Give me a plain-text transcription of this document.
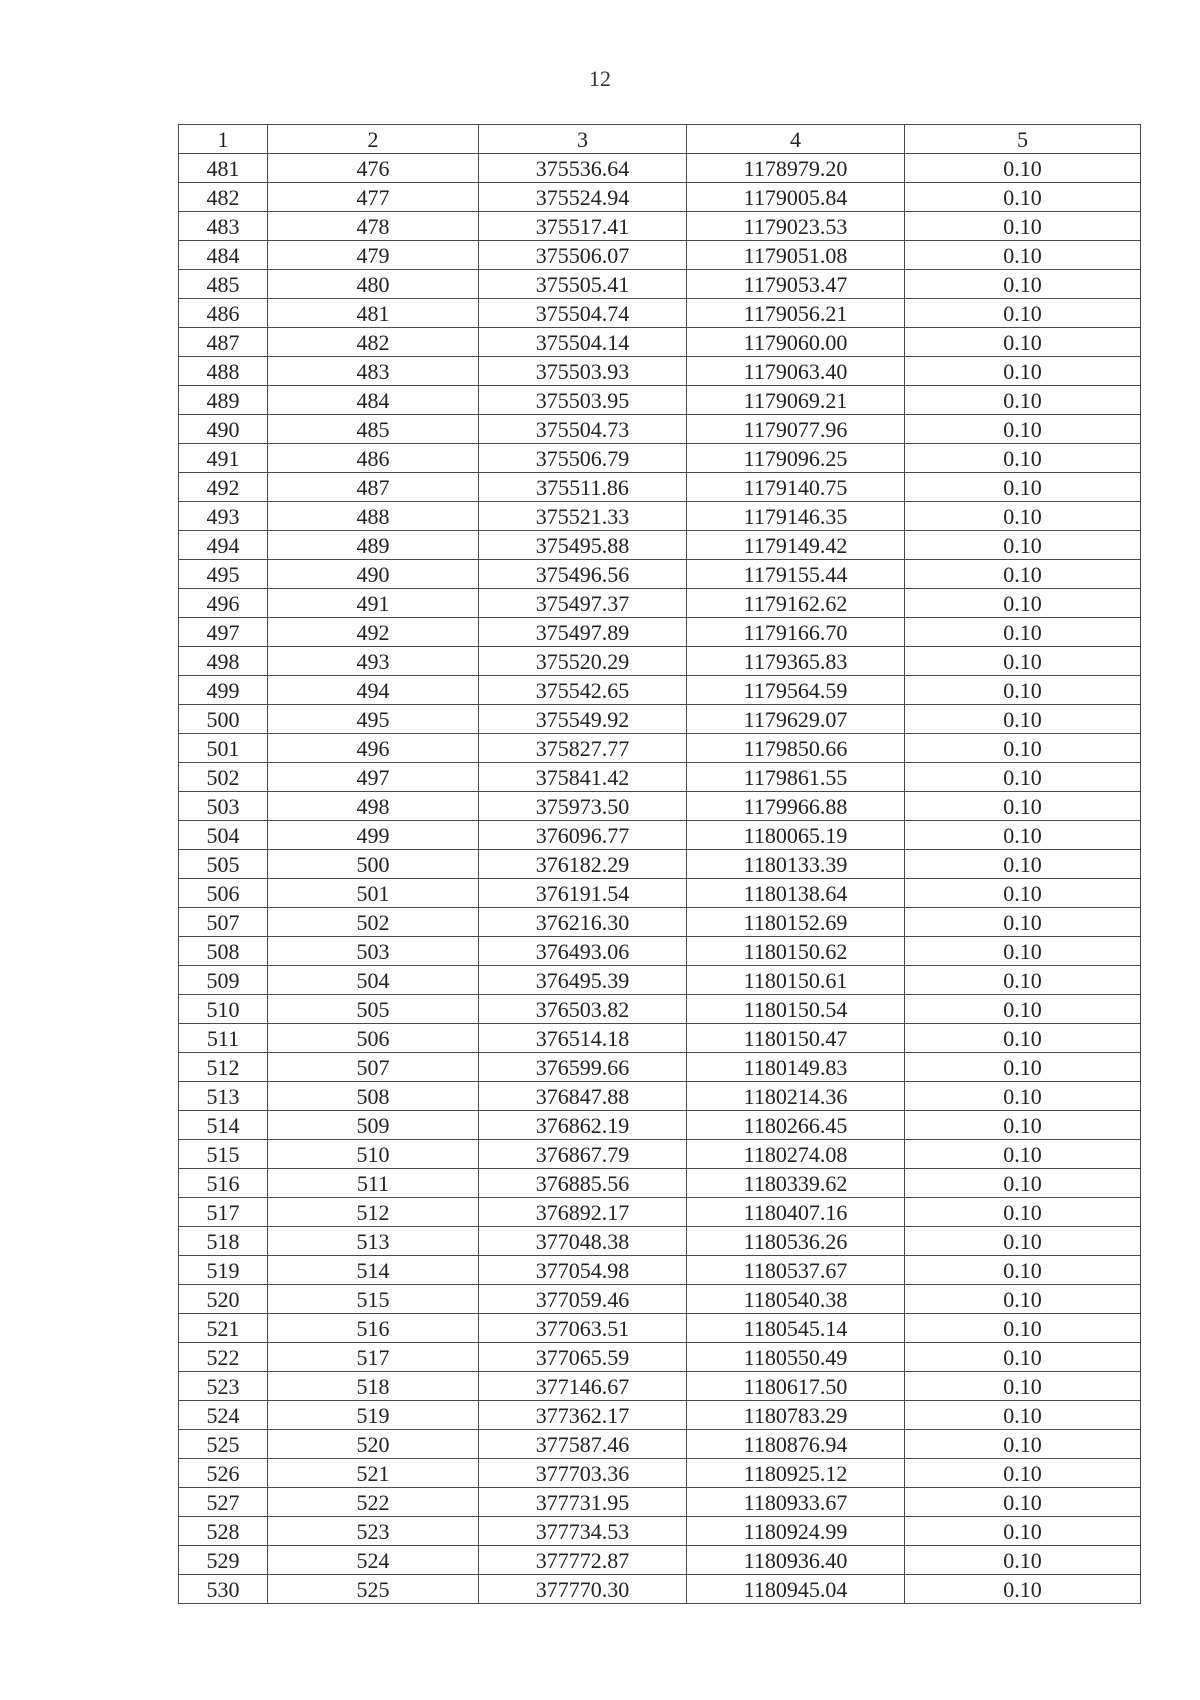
12
1	2	3	4	5
481	476	375536.64	1178979.20	0.10
482	477	375524.94	1179005.84	0.10
483	478	375517.41	1179023.53	0.10
484	479	375506.07	1179051.08	0.10
485	480	375505.41	1179053.47	0.10
486	481	375504.74	1179056.21	0.10
487	482	375504.14	1179060.00	0.10
488	483	375503.93	1179063.40	0.10
489	484	375503.95	1179069.21	0.10
490	485	375504.73	1179077.96	0.10
491	486	375506.79	1179096.25	0.10
492	487	375511.86	1179140.75	0.10
493	488	375521.33	1179146.35	0.10
494	489	375495.88	1179149.42	0.10
495	490	375496.56	1179155.44	0.10
496	491	375497.37	1179162.62	0.10
497	492	375497.89	1179166.70	0.10
498	493	375520.29	1179365.83	0.10
499	494	375542.65	1179564.59	0.10
500	495	375549.92	1179629.07	0.10
501	496	375827.77	1179850.66	0.10
502	497	375841.42	1179861.55	0.10
503	498	375973.50	1179966.88	0.10
504	499	376096.77	1180065.19	0.10
505	500	376182.29	1180133.39	0.10
506	501	376191.54	1180138.64	0.10
507	502	376216.30	1180152.69	0.10
508	503	376493.06	1180150.62	0.10
509	504	376495.39	1180150.61	0.10
510	505	376503.82	1180150.54	0.10
511	506	376514.18	1180150.47	0.10
512	507	376599.66	1180149.83	0.10
513	508	376847.88	1180214.36	0.10
514	509	376862.19	1180266.45	0.10
515	510	376867.79	1180274.08	0.10
516	511	376885.56	1180339.62	0.10
517	512	376892.17	1180407.16	0.10
518	513	377048.38	1180536.26	0.10
519	514	377054.98	1180537.67	0.10
520	515	377059.46	1180540.38	0.10
521	516	377063.51	1180545.14	0.10
522	517	377065.59	1180550.49	0.10
523	518	377146.67	1180617.50	0.10
524	519	377362.17	1180783.29	0.10
525	520	377587.46	1180876.94	0.10
526	521	377703.36	1180925.12	0.10
527	522	377731.95	1180933.67	0.10
528	523	377734.53	1180924.99	0.10
529	524	377772.87	1180936.40	0.10
530	525	377770.30	1180945.04	0.10
